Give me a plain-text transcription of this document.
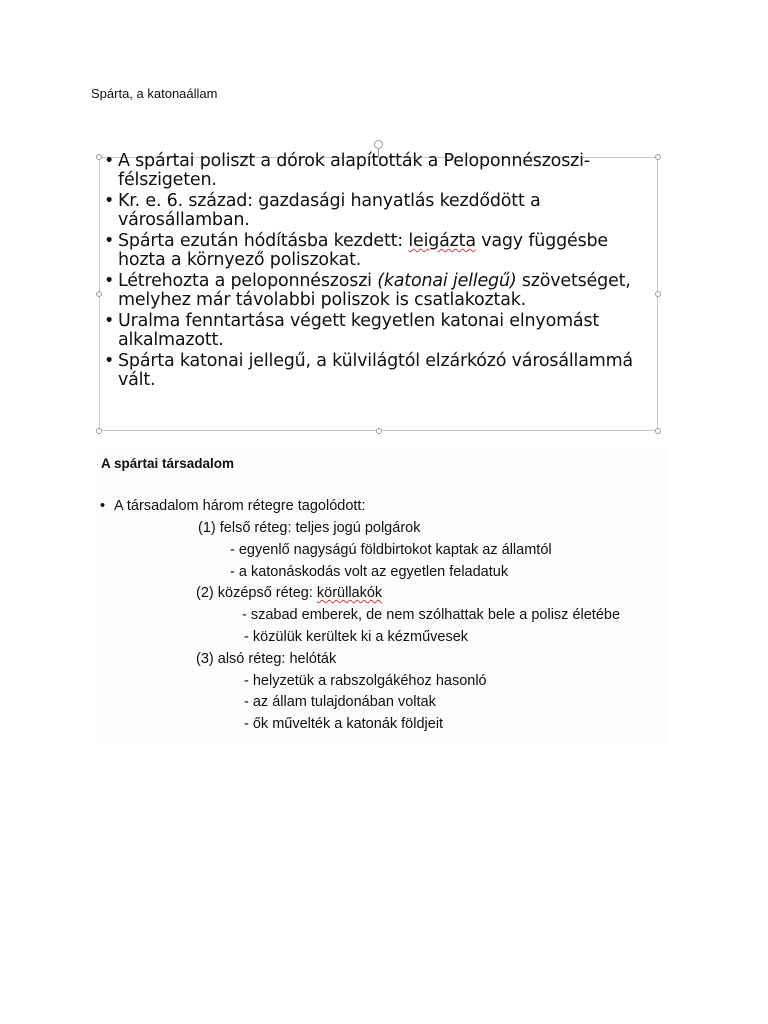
Spárta, a katonaállam
• A spártai poliszt a dórok alapították a Peloponnészoszi-
félszigeten.
• Kr. e. 6. század: gazdasági hanyatlás kezdődött a
városállamban.
• Spárta ezután hódításba kezdett: leigázta vagy függésbe
hozta a környező poliszokat.
• Létrehozta a peloponnészoszi (katonai jellegű) szövetséget,
melyhez már távolabbi poliszok is csatlakoztak.
• Uralma fenntartása végett kegyetlen katonai elnyomást
alkalmazott.
• Spárta katonai jellegű, a külvilágtól elzárkózó városállammá
vált.
A spártai társadalom
• A társadalom három rétegre tagolódott:
(1) felső réteg: teljes jogú polgárok
- egyenlő nagyságú földbirtokot kaptak az államtól
- a katonáskodás volt az egyetlen feladatuk
(2) középső réteg: körüllakók
- szabad emberek, de nem szólhattak bele a polisz életébe
- közülük kerültek ki a kézművesek
(3) alsó réteg: helóták
- helyzetük a rabszolgákéhoz hasonló
- az állam tulajdonában voltak
- ők művelték a katonák földjeit
